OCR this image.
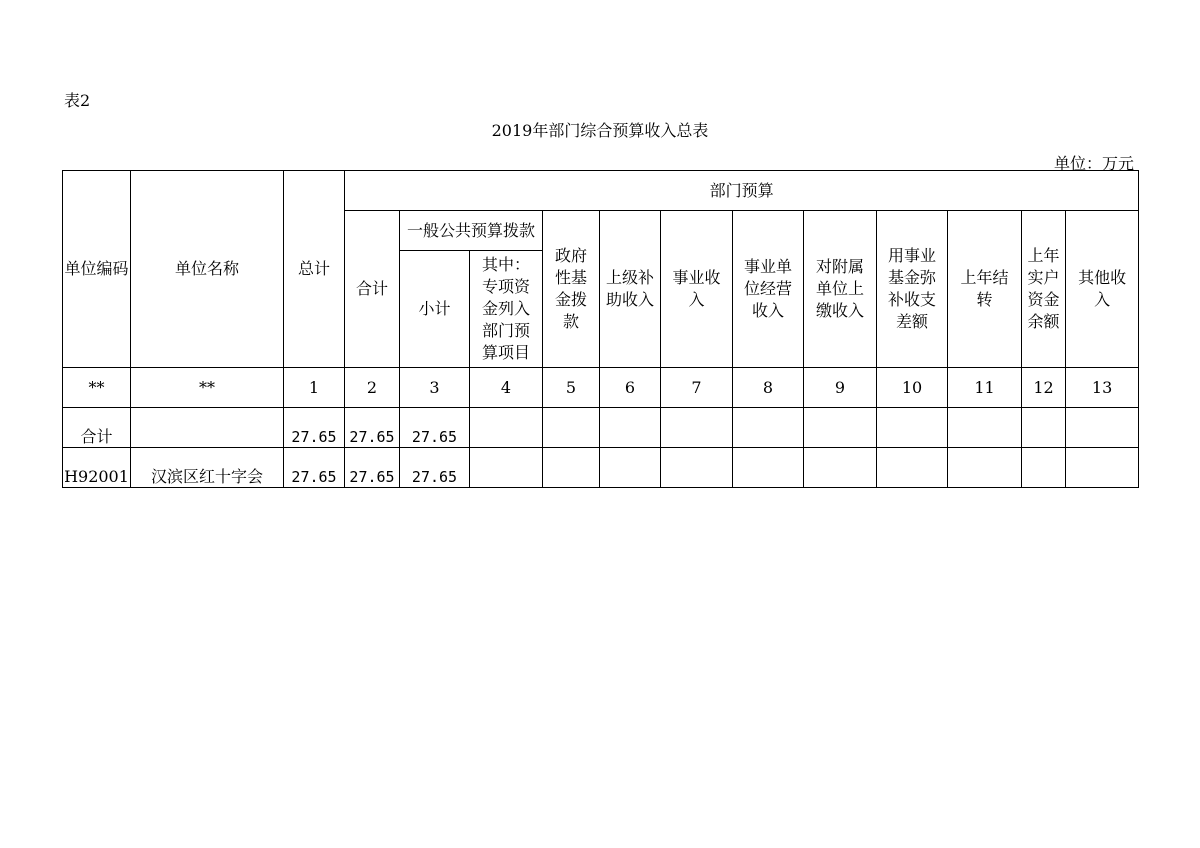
表2
2019年部门综合预算收入总表
单位：万元
单位编码	单位名称	总计	部门预算											
			合计	一般公共预算拨款		政府
性基
金拨
款	上级补
助收入	事业收
入	事业单
位经营
收入	对附属
单位上
缴收入	用事业
基金弥
补收支
差额	上年结
转	上年
实户
资金
余额	其他收
入
				小计	其中：
专项资
金列入
部门预
算项目									
**	**	1	2	3	4	5	6	7	8	9	10	11	12	13
合计		27.65	27.65	27.65										
H92001	汉滨区红十字会	27.65	27.65	27.65										
